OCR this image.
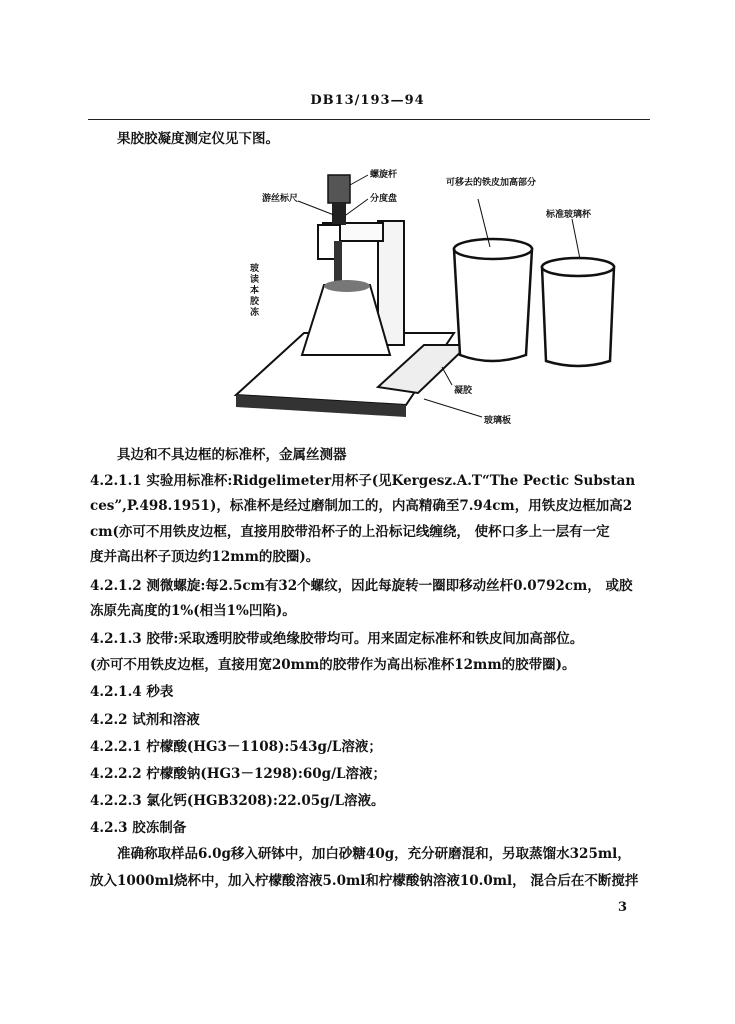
DB13/193—94
果胶胶凝度测定仪见下图。
螺旋杆
游丝标尺	分度盘
可移去的铁皮加高部分
标准玻璃杯
凝胶
玻璃板
玻读本胶冻
具边和不具边框的标准杯，金属丝测器
4.2.1.1 实验用标准杯:Ridgelimeter用杯子(见Kergesz.A.T“The Pectic Substan
ces”,P.498.1951)，标准杯是经过磨制加工的，内高精确至7.94cm，用铁皮边框加高2
cm(亦可不用铁皮边框，直接用胶带沿杯子的上沿标记线缠绕， 使杯口多上一层有一定
度并高出杯子顶边约12mm的胶圈)。
4.2.1.2 测微螺旋:每2.5cm有32个螺纹，因此每旋转一圈即移动丝杆0.0792cm， 或胶
冻原先高度的1%(相当1%凹陷)。
4.2.1.3 胶带:采取透明胶带或绝缘胶带均可。用来固定标准杯和铁皮间加高部位。
(亦可不用铁皮边框，直接用宽20mm的胶带作为高出标准杯12mm的胶带圈)。
4.2.1.4 秒表
4.2.2 试剂和溶液
4.2.2.1 柠檬酸(HG3－1108):543g/L溶液；
4.2.2.2 柠檬酸钠(HG3－1298):60g/L溶液；
4.2.2.3 氯化钙(HGB3208):22.05g/L溶液。
4.2.3 胶冻制备
准确称取样品6.0g移入研钵中，加白砂糖40g，充分研磨混和，另取蒸馏水325ml，
放入1000ml烧杯中，加入柠檬酸溶液5.0ml和柠檬酸钠溶液10.0ml， 混合后在不断搅拌
3
